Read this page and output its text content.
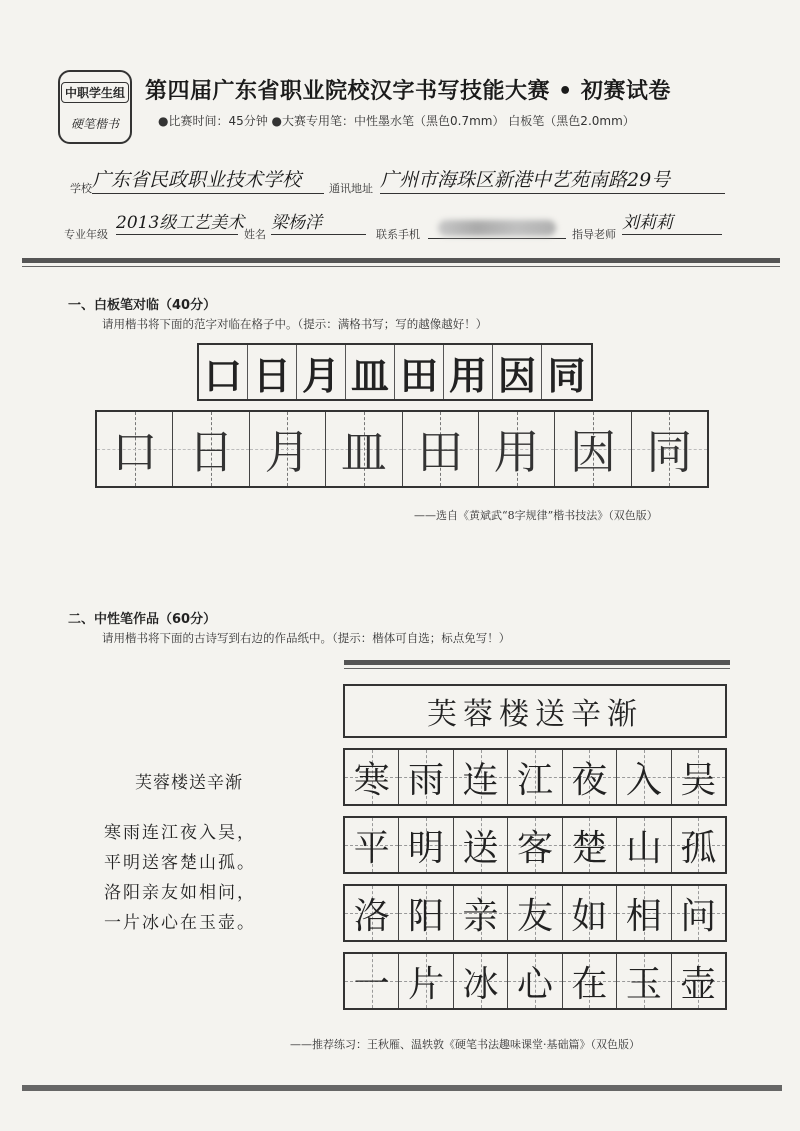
中职学生组
硬笔楷书
第四届广东省职业院校汉字书写技能大赛 • 初赛试卷
●比赛时间：45分钟 ●大赛专用笔：中性墨水笔（黑色0.7mm） 白板笔（黑色2.0mm）
学校 广东省民政职业技术学校	通讯地址 广州市海珠区新港中艺苑南路29号
专业年级
2013级工艺美术
姓名
梁杨洋
联系手机	指导老师
刘莉莉
一、白板笔对临（40分）
请用楷书将下面的范字对临在格子中。（提示：满格书写；写的越像越好！）
口 日 月 皿 田 用 因 同
口 日 月 皿 田 用 因 同
——选自《黄斌武“8字规律”楷书技法》（双色版）
二、中性笔作品（60分）
请用楷书将下面的古诗写到右边的作品纸中。（提示：楷体可自选；标点免写！）
芙蓉楼送辛渐
寒雨连江夜入吴，
平明送客楚山孤。
洛阳亲友如相问，
一片冰心在玉壶。
芙蓉楼送辛渐
寒 雨 连 江 夜 入 吴
平 明 送 客 楚 山 孤
洛 阳 亲 友 如 相 问
一 片 冰 心 在 玉 壶
——推荐练习：王秋雁、温轶敦《硬笔书法趣味课堂·基础篇》（双色版）
